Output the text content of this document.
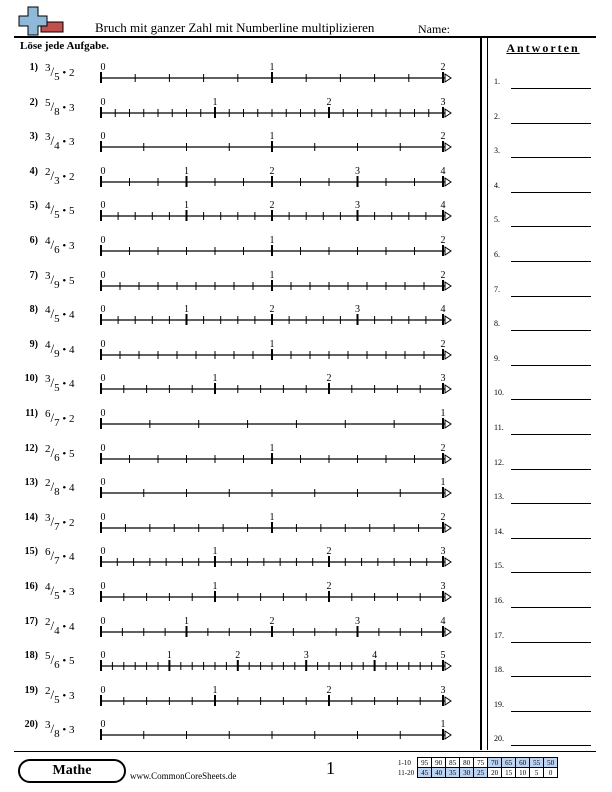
Bruch mit ganzer Zahl mit Numberline multiplizieren	Name:
Löse jede Aufgabe.	Antworten
1) 3/5 • 2	0	1	2
2) 5/8 • 3	0	1	2	3
3) 3/4 • 3	0	1	2
4) 2/3 • 2	0	1	2	3	4
5) 4/5 • 5	0	1	2	3	4
6) 4/6 • 3	0	1	2
7) 3/9 • 5	0	1	2
8) 4/5 • 4	0	1	2	3	4
9) 4/9 • 4	0	1	2
10) 3/5 • 4	0	1	2	3
11) 6/7 • 2	0	1
12) 2/6 • 5	0	1	2
13) 2/8 • 4	0	1
14) 3/7 • 2	0	1	2
15) 6/7 • 4	0	1	2	3
16) 4/5 • 3	0	1	2	3
17) 2/4 • 4	0	1	2	3	4
18) 5/6 • 5	0	1	2	3	4	5
19) 2/5 • 3	0	1	2	3
20) 3/8 • 3	0	1
1.
2.
3.
4.
5.
6.
7.
8.
9.
10.
11.
12.
13.
14.
15.
16.
17.
18.
19.
20.
Mathe	www.CommonCoreSheets.de	1	1-10	95	90	85	80	75	70	65	60	55	50
11-20	45	40	35	30	25	20	15	10	5	0
